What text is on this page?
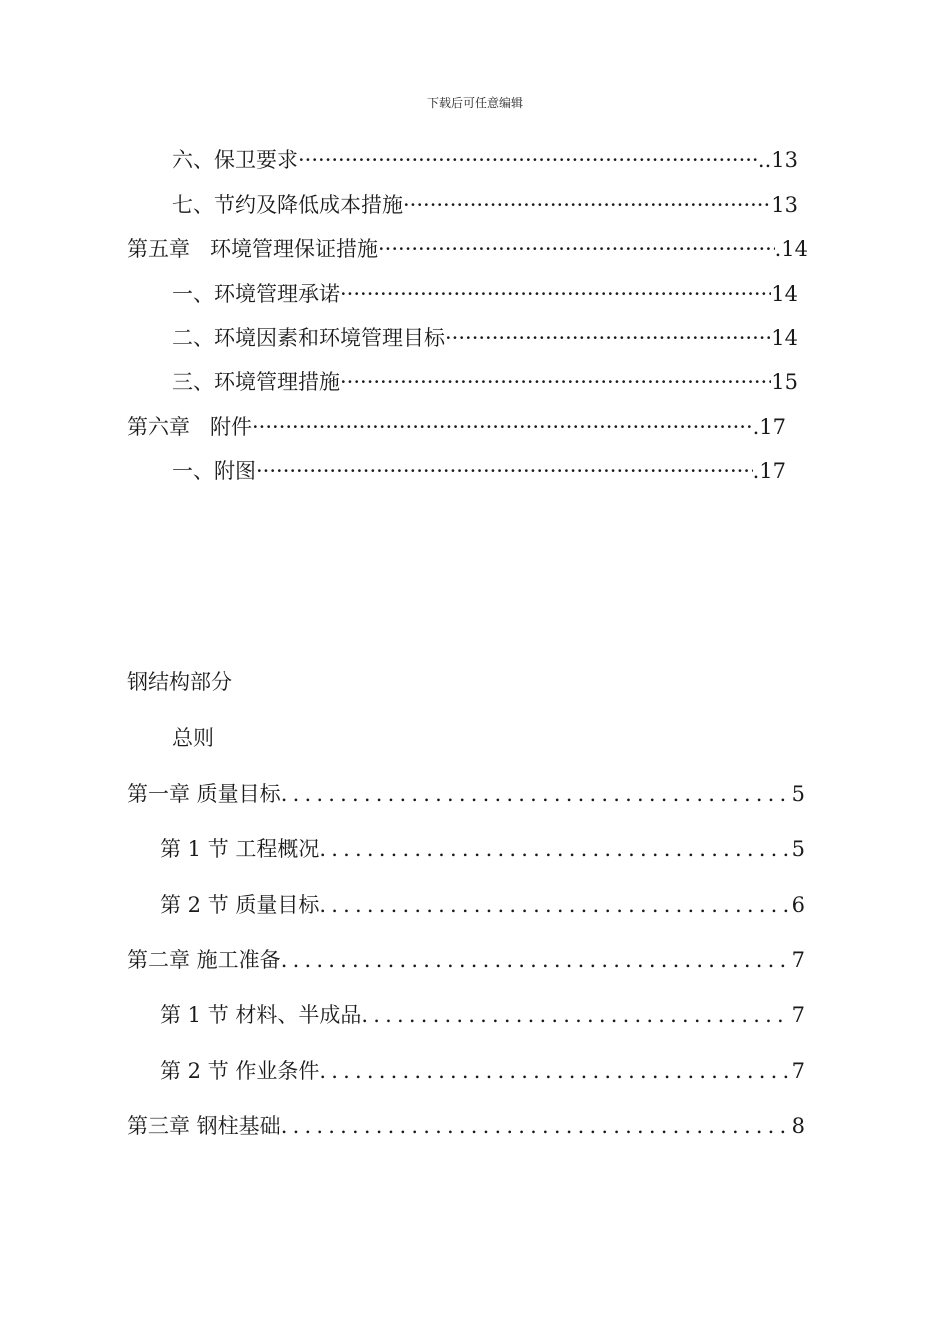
下载后可任意编辑
六、保卫要求 ·····	..13
七、节约及降低成本措施 ·····	13
第五章 环境管理保证措施 ·····	.14
一、环境管理承诺 ·····	14
二、环境因素和环境管理目标 ·····	14
三、环境管理措施 ·····	15
第六章 附件 ·····	.17
一、附图 ·····	.17
钢结构部分
总则
第一章 质量目标 .....	5
第 1 节 工程概况 .....	5
第 2 节 质量目标 .....	6
第二章 施工准备 .....	7
第 1 节 材料、半成品 .....	7
第 2 节 作业条件 .....	7
第三章 钢柱基础 .....	8
